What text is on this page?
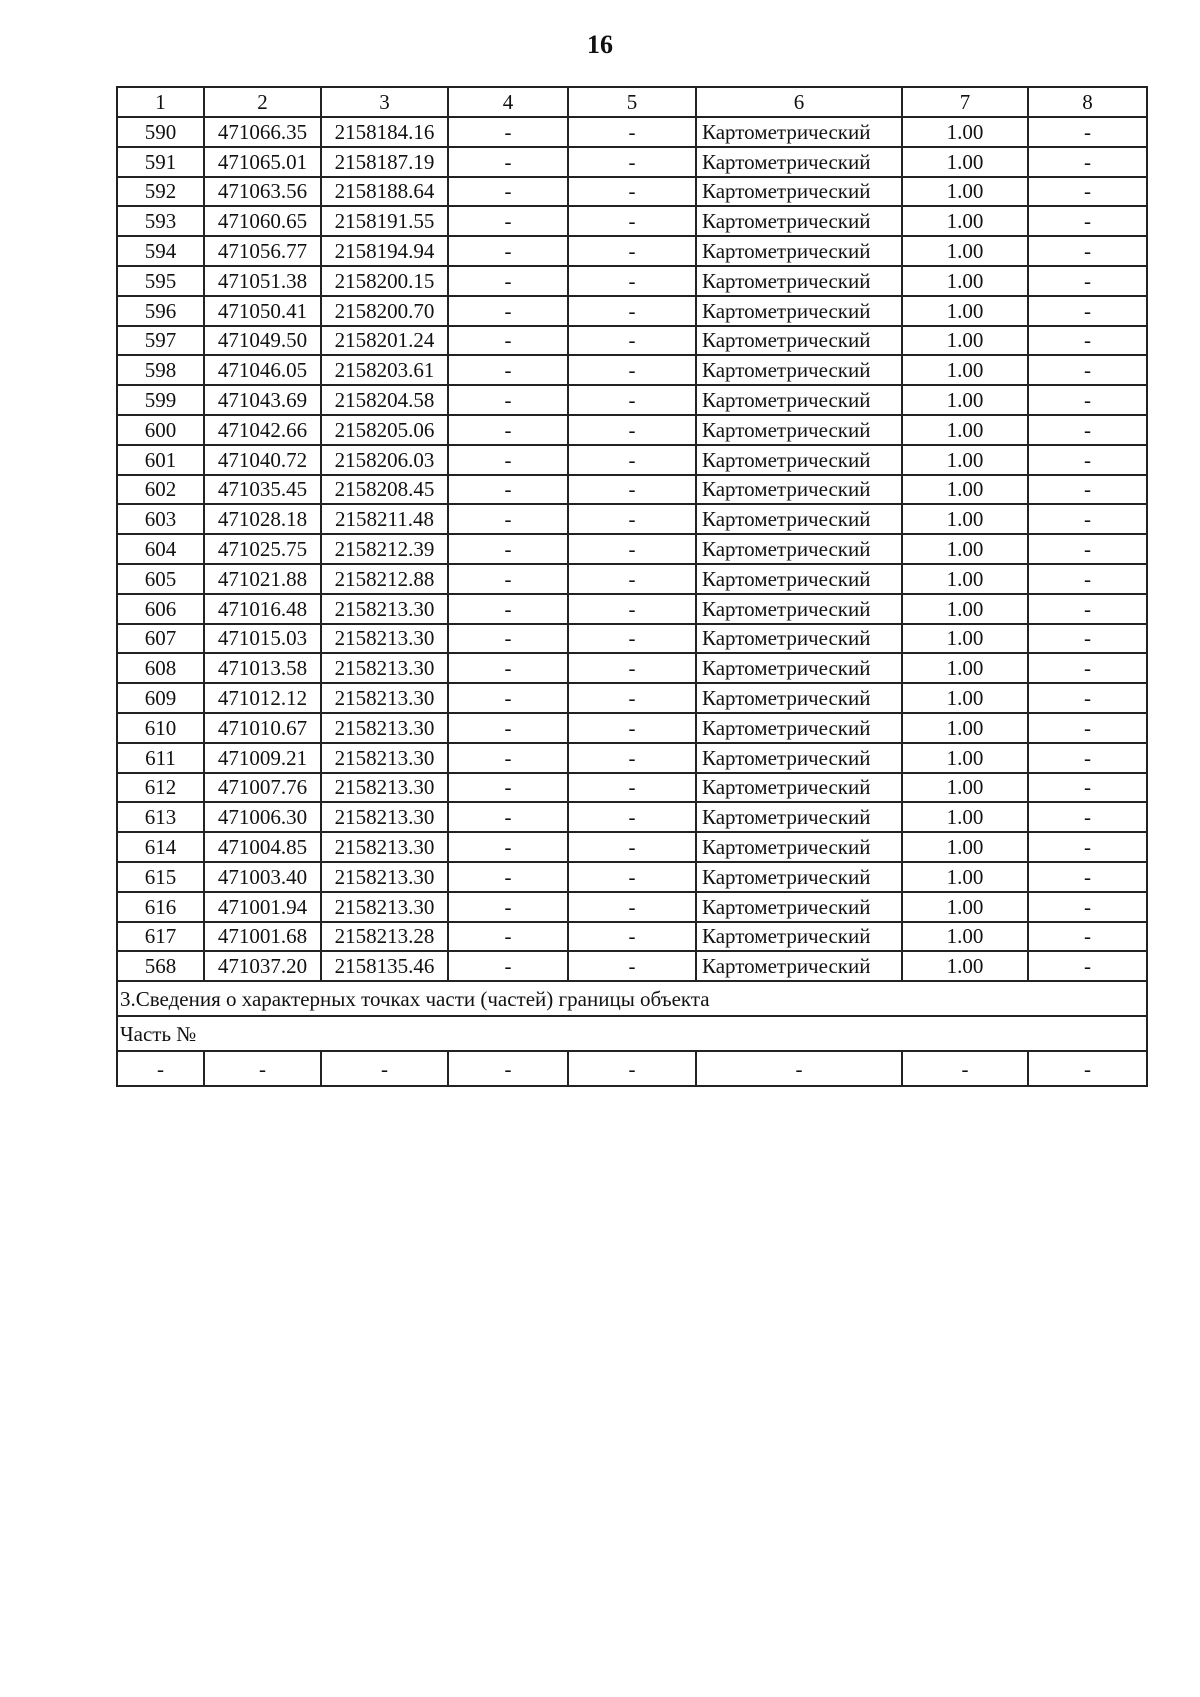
16
1	2	3	4	5	6	7	8
590	471066.35	2158184.16	-	-	Картометрический	1.00	-
591	471065.01	2158187.19	-	-	Картометрический	1.00	-
592	471063.56	2158188.64	-	-	Картометрический	1.00	-
593	471060.65	2158191.55	-	-	Картометрический	1.00	-
594	471056.77	2158194.94	-	-	Картометрический	1.00	-
595	471051.38	2158200.15	-	-	Картометрический	1.00	-
596	471050.41	2158200.70	-	-	Картометрический	1.00	-
597	471049.50	2158201.24	-	-	Картометрический	1.00	-
598	471046.05	2158203.61	-	-	Картометрический	1.00	-
599	471043.69	2158204.58	-	-	Картометрический	1.00	-
600	471042.66	2158205.06	-	-	Картометрический	1.00	-
601	471040.72	2158206.03	-	-	Картометрический	1.00	-
602	471035.45	2158208.45	-	-	Картометрический	1.00	-
603	471028.18	2158211.48	-	-	Картометрический	1.00	-
604	471025.75	2158212.39	-	-	Картометрический	1.00	-
605	471021.88	2158212.88	-	-	Картометрический	1.00	-
606	471016.48	2158213.30	-	-	Картометрический	1.00	-
607	471015.03	2158213.30	-	-	Картометрический	1.00	-
608	471013.58	2158213.30	-	-	Картометрический	1.00	-
609	471012.12	2158213.30	-	-	Картометрический	1.00	-
610	471010.67	2158213.30	-	-	Картометрический	1.00	-
611	471009.21	2158213.30	-	-	Картометрический	1.00	-
612	471007.76	2158213.30	-	-	Картометрический	1.00	-
613	471006.30	2158213.30	-	-	Картометрический	1.00	-
614	471004.85	2158213.30	-	-	Картометрический	1.00	-
615	471003.40	2158213.30	-	-	Картометрический	1.00	-
616	471001.94	2158213.30	-	-	Картометрический	1.00	-
617	471001.68	2158213.28	-	-	Картометрический	1.00	-
568	471037.20	2158135.46	-	-	Картометрический	1.00	-
3.Сведения о характерных точках части (частей) границы объекта							
Часть №							
-	-	-	-	-	-	-	-
